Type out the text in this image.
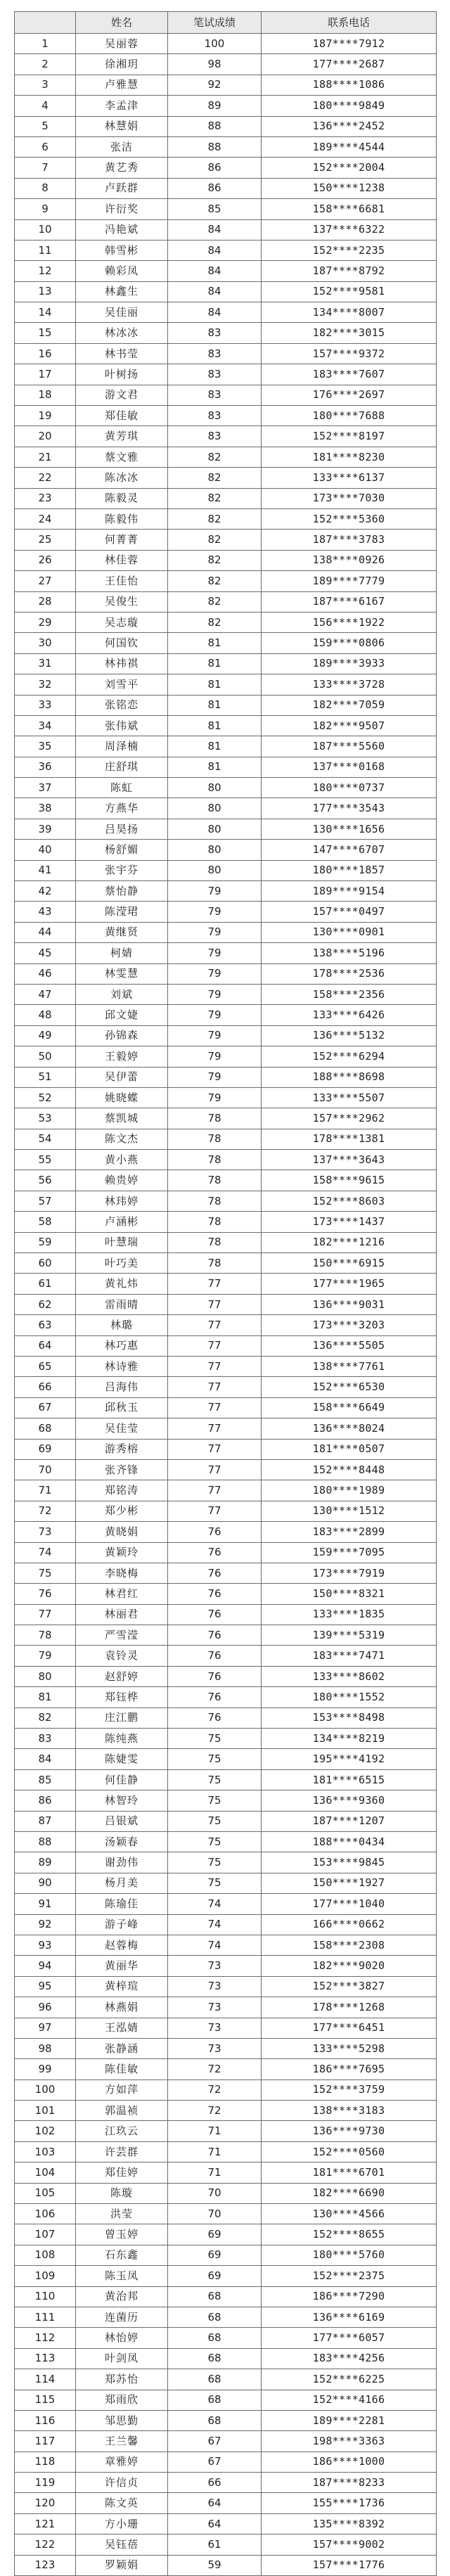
	姓名	笔试成绩	联系电话
1	吴丽蓉	100	187****7912
2	徐湘玥	98	177****2687
3	卢雅慧	92	188****1086
4	李孟津	89	180****9849
5	林慧娟	88	136****2452
6	张洁	88	189****4544
7	黄艺秀	86	152****2004
8	卢跃群	86	150****1238
9	许衍奖	85	158****6681
10	冯艳斌	84	137****6322
11	韩雪彬	84	152****2235
12	赖彩凤	84	187****8792
13	林鑫生	84	152****9581
14	吴佳丽	84	134****8007
15	林冰冰	83	182****3015
16	林书莹	83	157****9372
17	叶树扬	83	183****7607
18	游文君	83	176****2697
19	郑佳敏	83	180****7688
20	黄芳琪	83	152****8197
21	蔡文雅	82	181****8230
22	陈冰冰	82	133****6137
23	陈毅灵	82	173****7030
24	陈毅伟	82	152****5360
25	何菁菁	82	187****3783
26	林佳蓉	82	138****0926
27	王佳怡	82	189****7779
28	吴俊生	82	187****6167
29	吴志璇	82	156****1922
30	何国钦	81	159****0806
31	林祎祺	81	189****3933
32	刘雪平	81	133****3728
33	张铭恋	81	182****7059
34	张伟斌	81	182****9507
35	周泽楠	81	187****5560
36	庄舒琪	81	137****0168
37	陈虹	80	180****0737
38	方燕华	80	177****3543
39	吕昊扬	80	130****1656
40	杨舒媚	80	147****6707
41	张宇芬	80	180****1857
42	蔡怡静	79	189****9154
43	陈滢珺	79	157****0497
44	黄继贤	79	130****0901
45	柯婧	79	138****5196
46	林雯慧	79	178****2536
47	刘斌	79	158****2356
48	邱文婕	79	133****6426
49	孙锦森	79	136****5132
50	王毅婷	79	152****6294
51	吴伊蕾	79	188****8698
52	姚晓蝶	79	133****5507
53	蔡凯城	78	157****2962
54	陈文杰	78	178****1381
55	黄小燕	78	137****3643
56	赖贵婷	78	158****9615
57	林玮婷	78	152****8603
58	卢涵彬	78	173****1437
59	叶慧瑞	78	182****1216
60	叶巧美	78	150****6915
61	黄礼炜	77	177****1965
62	雷雨晴	77	136****9031
63	林璐	77	173****3203
64	林巧惠	77	136****5505
65	林诗雅	77	138****7761
66	吕海伟	77	152****6530
67	邱秋玉	77	158****6649
68	吴佳莹	77	136****8024
69	游秀榕	77	181****0507
70	张齐锋	77	152****8448
71	郑铭涛	77	180****1989
72	郑少彬	77	130****1512
73	黄晓娟	76	183****2899
74	黄颖玲	76	159****7095
75	李晓梅	76	173****7919
76	林君红	76	150****8321
77	林丽君	76	133****1835
78	严雪滢	76	139****5319
79	袁铃灵	76	183****7471
80	赵舒婷	76	133****8602
81	郑钰桦	76	180****1552
82	庄江鹏	76	153****8498
83	陈纯燕	75	134****8219
84	陈婕雯	75	195****4192
85	何佳静	75	181****6515
86	林智玲	75	136****9360
87	吕银斌	75	187****1207
88	汤颖春	75	188****0434
89	谢劲伟	75	153****9845
90	杨月美	75	150****1927
91	陈瑜佳	74	177****1040
92	游子峰	74	166****0662
93	赵蓉梅	74	158****2308
94	黄丽华	73	182****9020
95	黄梓瑄	73	152****3827
96	林燕娟	73	178****1268
97	王泓婧	73	177****6451
98	张静涵	73	133****5298
99	陈佳敏	72	186****7695
100	方如萍	72	152****3759
101	郭温祯	72	138****3183
102	江玖云	71	136****9730
103	许芸群	71	152****0560
104	郑佳婷	71	181****6701
105	陈璇	70	182****6690
106	洪莹	70	130****4566
107	曾玉婷	69	152****8655
108	石东鑫	69	180****5760
109	陈玉凤	69	152****2375
110	黄治邦	68	186****7290
111	连菌历	68	136****6169
112	林怡婷	68	177****6057
113	叶剑凤	68	183****4256
114	郑苏怡	68	152****6225
115	郑雨欣	68	152****4166
116	邹思勤	68	189****2281
117	王兰馨	67	198****3363
118	章雅婷	67	186****1000
119	许信贞	66	187****8233
120	陈文英	64	155****1736
121	方小珊	64	135****8392
122	吴钰蓓	61	157****9002
123	罗颖娟	59	157****1776
